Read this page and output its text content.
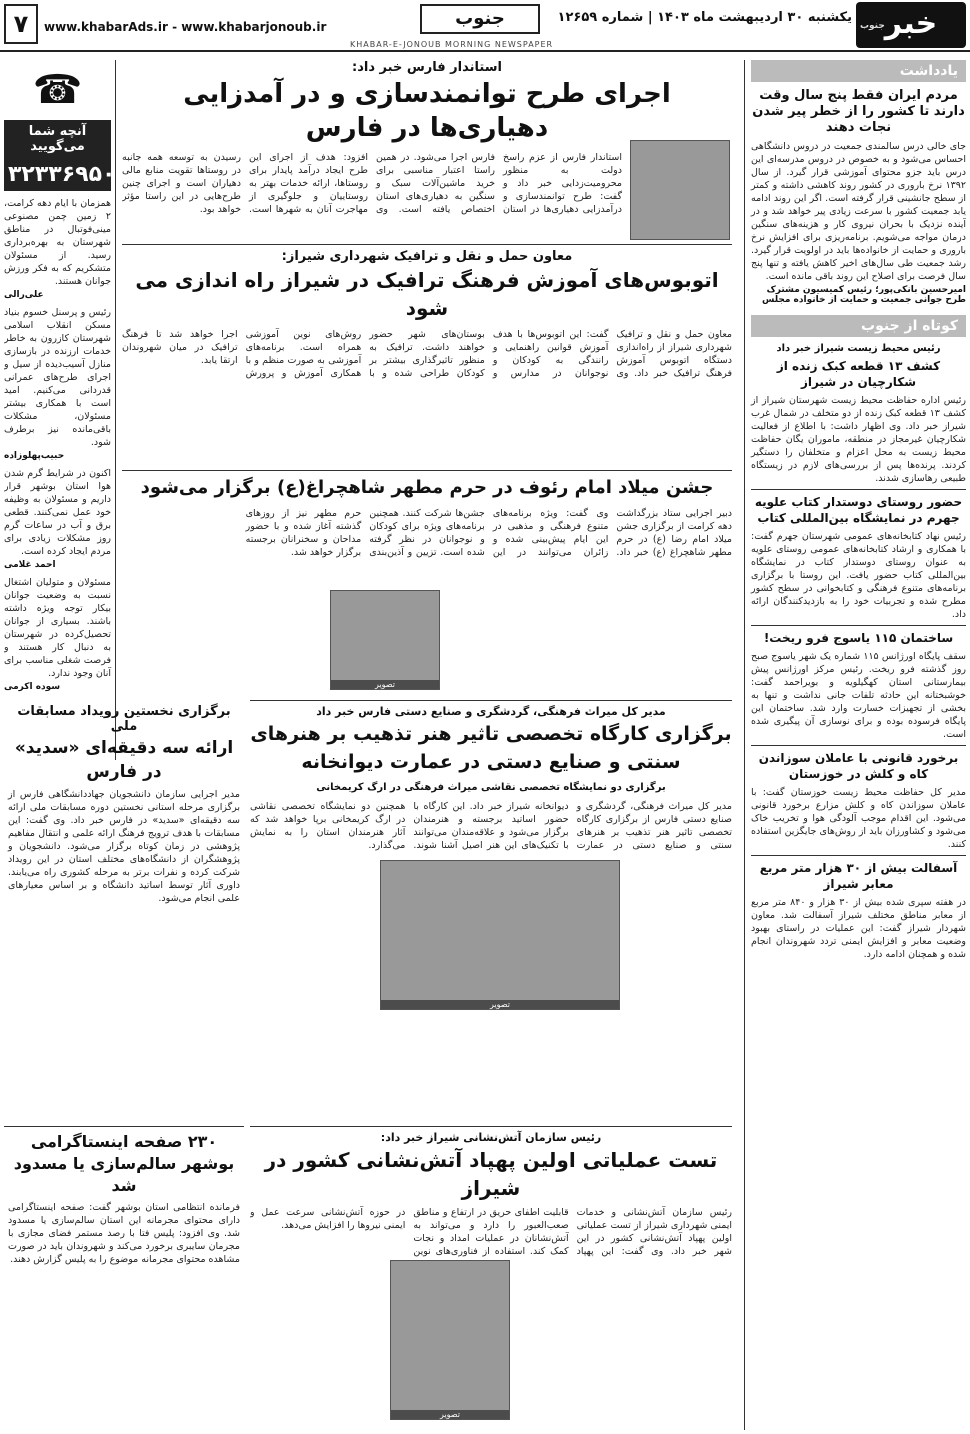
جنوب خبر
یکشنبه ۳۰ اردیبهشت ماه ۱۴۰۳ | شماره ۱۲۶۵۹
جنوب
www.khabarAds.ir - www.khabarjonoub.ir
۷
KHABAR-E-JONOUB MORNING NEWSPAPER
یادداشت
مردم ایران فقط پنج سال وقت دارند تا کشور را از خطر پیر شدن نجات دهند
جای خالی درس سالمندی جمعیت در دروس دانشگاهی احساس می‌شود و به خصوص در دروس مدرسه‌ای این درس باید جزو محتوای آموزشی قرار گیرد. از سال ۱۳۹۲ نرخ باروری در کشور روند کاهشی داشته و کمتر از سطح جانشینی قرار گرفته است. اگر این روند ادامه یابد جمعیت کشور با سرعت زیادی پیر خواهد شد و در آینده نزدیک با بحران نیروی کار و هزینه‌های سنگین درمان مواجه می‌شویم. برنامه‌ریزی برای افزایش نرخ باروری و حمایت از خانواده‌ها باید در اولویت قرار گیرد. رشد جمعیت طی سال‌های اخیر کاهش یافته و تنها پنج سال فرصت برای اصلاح این روند باقی مانده است.
امیرحسین بانکی‌پور؛ رئیس کمیسیون مشترک طرح جوانی جمعیت و حمایت از خانواده مجلس
کوتاه از جنوب
رئیس محیط زیست شیراز خبر داد
کشف ۱۳ قطعه کبک زنده از شکارچیان در شیراز
رئیس اداره حفاظت محیط زیست شهرستان شیراز از کشف ۱۳ قطعه کبک زنده از دو متخلف در شمال غرب شیراز خبر داد. وی اظهار داشت: با اطلاع از فعالیت شکارچیان غیرمجاز در منطقه، ماموران یگان حفاظت محیط زیست به محل اعزام و متخلفان را دستگیر کردند. پرنده‌ها پس از بررسی‌های لازم در زیستگاه طبیعی رهاسازی شدند.
حضور روستای دوستدار کتاب علویه جهرم در نمایشگاه بین‌المللی کتاب
رئیس نهاد کتابخانه‌های عمومی شهرستان جهرم گفت: با همکاری و ارشاد کتابخانه‌های عمومی روستای علویه به عنوان روستای دوستدار کتاب در نمایشگاه بین‌المللی کتاب حضور یافت. این روستا با برگزاری برنامه‌های متنوع فرهنگی و کتابخوانی در سطح کشور مطرح شده و تجربیات خود را به بازدیدکنندگان ارائه داد.
ساختمان ۱۱۵ یاسوج فرو ریخت!
سقف پایگاه اورژانس ۱۱۵ شماره یک شهر یاسوج صبح روز گذشته فرو ریخت. رئیس مرکز اورژانس پیش بیمارستانی استان کهگیلویه و بویراحمد گفت: خوشبختانه این حادثه تلفات جانی نداشت و تنها به بخشی از تجهیزات خسارت وارد شد. ساختمان این پایگاه فرسوده بوده و برای نوسازی آن پیگیری شده است.
برخورد قانونی با عاملان سوزاندن کاه و کلش در خوزستان
مدیر کل حفاظت محیط زیست خوزستان گفت: با عاملان سوزاندن کاه و کلش مزارع برخورد قانونی می‌شود. این اقدام موجب آلودگی هوا و تخریب خاک می‌شود و کشاورزان باید از روش‌های جایگزین استفاده کنند.
آسفالت بیش از ۳۰ هزار متر مربع معابر شیراز
در هفته سپری شده بیش از ۳۰ هزار و ۸۴۰ متر مربع از معابر مناطق مختلف شیراز آسفالت شد. معاون شهردار شیراز گفت: این عملیات در راستای بهبود وضعیت معابر و افزایش ایمنی تردد شهروندان انجام شده و همچنان ادامه دارد.
☎
آنچه شما می‌گویید
۳۲۳۳۶۹۵۰
همزمان با ایام دهه کرامت، ۲ زمین چمن مصنوعی مینی‌فوتبال در مناطق شهرستان به بهره‌برداری رسید. از مسئولان متشکریم که به فکر ورزش جوانان هستند.
علی‌رالی
رئیس و پرسنل خسوم بنیاد مسکن انقلاب اسلامی شهرستان کازرون به خاطر خدمات ارزنده در بازسازی منازل آسیب‌دیده از سیل و اجرای طرح‌های عمرانی قدردانی می‌کنیم. امید است با همکاری بیشتر مسئولان، مشکلات باقی‌مانده نیز برطرف شود.
حبیب‌پهلوزاده
اکنون در شرایط گرم شدن هوا استان بوشهر قرار داریم و مسئولان به وظیفه خود عمل نمی‌کنند. قطعی برق و آب در ساعات گرم روز مشکلات زیادی برای مردم ایجاد کرده است.
احمد غلامی
مسئولان و متولیان اشتغال نسبت به وضعیت جوانان بیکار توجه ویژه داشته باشند. بسیاری از جوانان تحصیل‌کرده در شهرستان به دنبال کار هستند و فرصت شغلی مناسب برای آنان وجود ندارد.
سوده اکرمی
استاندار فارس خبر داد:
اجرای طرح توانمندسازی و در آمدزایی دهیاری‌ها در فارس
استاندار فارس از عزم راسخ دولت به منظور محرومیت‌زدایی خبر داد و گفت: طرح توانمندسازی و درآمدزایی دهیاری‌ها در استان فارس اجرا می‌شود. در همین راستا اعتبار مناسبی برای خرید ماشین‌آلات سبک و سنگین به دهیاری‌های استان اختصاص یافته است. وی افزود: هدف از اجرای این طرح ایجاد درآمد پایدار برای روستاها، ارائه خدمات بهتر به روستاییان و جلوگیری از مهاجرت آنان به شهرها است. رسیدن به توسعه همه جانبه در روستاها تقویت منابع مالی دهیاران است و اجرای چنین طرح‌هایی در این راستا مؤثر خواهد بود.
معاون حمل و نقل و ترافیک شهرداری شیراز:
اتوبوس‌های آموزش فرهنگ ترافیک در شیراز راه اندازی می شود
معاون حمل و نقل و ترافیک شهرداری شیراز از راه‌اندازی دستگاه اتوبوس آموزش فرهنگ ترافیک خبر داد. وی گفت: این اتوبوس‌ها با هدف آموزش قوانین راهنمایی و رانندگی به کودکان و نوجوانان در مدارس و بوستان‌های شهر حضور خواهند داشت. ترافیک به منظور تاثیرگذاری بیشتر بر کودکان طراحی شده و با روش‌های نوین آموزشی همراه است. برنامه‌های آموزشی به صورت منظم و با همکاری آموزش و پرورش اجرا خواهد شد تا فرهنگ ترافیک در میان شهروندان ارتقا یابد.
جشن میلاد امام رئوف در حرم مطهر شاهچراغ(ع) برگزار می‌شود
دبیر اجرایی ستاد بزرگداشت دهه کرامت از برگزاری جشن میلاد امام رضا (ع) در حرم مطهر شاهچراغ (ع) خبر داد. وی گفت: ویژه برنامه‌های متنوع فرهنگی و مذهبی در این ایام پیش‌بینی شده و زائران می‌توانند در این جشن‌ها شرکت کنند. همچنین برنامه‌های ویژه برای کودکان و نوجوانان در نظر گرفته شده است. تزیین و آذین‌بندی حرم مطهر نیز از روزهای گذشته آغاز شده و با حضور مداحان و سخنرانان برجسته برگزار خواهد شد.
تصویر
برگزاری نخستین رویداد مسابقات ملی
ارائه سه دقیقه‌ای «سدید» در فارس
مدیر اجرایی سازمان دانشجویان جهاددانشگاهی فارس از برگزاری مرحله استانی نخستین دوره مسابقات ملی ارائه سه دقیقه‌ای «سدید» در فارس خبر داد. وی گفت: این مسابقات با هدف ترویج فرهنگ ارائه علمی و انتقال مفاهیم پژوهشی در زمان کوتاه برگزار می‌شود. دانشجویان و پژوهشگران از دانشگاه‌های مختلف استان در این رویداد شرکت کرده و نفرات برتر به مرحله کشوری راه می‌یابند. داوری آثار توسط اساتید دانشگاه و بر اساس معیارهای علمی انجام می‌شود.
مدیر کل میراث فرهنگی، گردشگری و صنایع دستی فارس خبر داد
برگزاری کارگاه تخصصی تاثیر هنر تذهیب بر هنرهای سنتی و صنایع دستی در عمارت دیوانخانه
برگزاری دو نمایشگاه تخصصی نقاشی میراث فرهنگی در ارگ کریمخانی
مدیر کل میراث فرهنگی، گردشگری و صنایع دستی فارس از برگزاری کارگاه تخصصی تاثیر هنر تذهیب بر هنرهای سنتی و صنایع دستی در عمارت دیوانخانه شیراز خبر داد. این کارگاه با حضور اساتید برجسته و هنرمندان برگزار می‌شود و علاقه‌مندان می‌توانند با تکنیک‌های این هنر اصیل آشنا شوند. همچنین دو نمایشگاه تخصصی نقاشی در ارگ کریمخانی برپا خواهد شد که آثار هنرمندان استان را به نمایش می‌گذارد.
تصویر
۲۳۰ صفحه اینستاگرامی بوشهر سالم‌سازی یا مسدود شد
فرمانده انتظامی استان بوشهر گفت: صفحه اینستاگرامی دارای محتوای مجرمانه این استان سالم‌سازی یا مسدود شد. وی افزود: پلیس فتا با رصد مستمر فضای مجازی با مجرمان سایبری برخورد می‌کند و شهروندان باید در صورت مشاهده محتوای مجرمانه موضوع را به پلیس گزارش دهند.
رئیس سازمان آتش‌نشانی شیراز خبر داد:
تست عملیاتی اولین پهپاد آتش‌نشانی کشور در شیراز
رئیس سازمان آتش‌نشانی و خدمات ایمنی شهرداری شیراز از تست عملیاتی اولین پهپاد آتش‌نشانی کشور در این شهر خبر داد. وی گفت: این پهپاد قابلیت اطفای حریق در ارتفاع و مناطق صعب‌العبور را دارد و می‌تواند به آتش‌نشانان در عملیات امداد و نجات کمک کند. استفاده از فناوری‌های نوین در حوزه آتش‌نشانی سرعت عمل و ایمنی نیروها را افزایش می‌دهد.
تصویر
